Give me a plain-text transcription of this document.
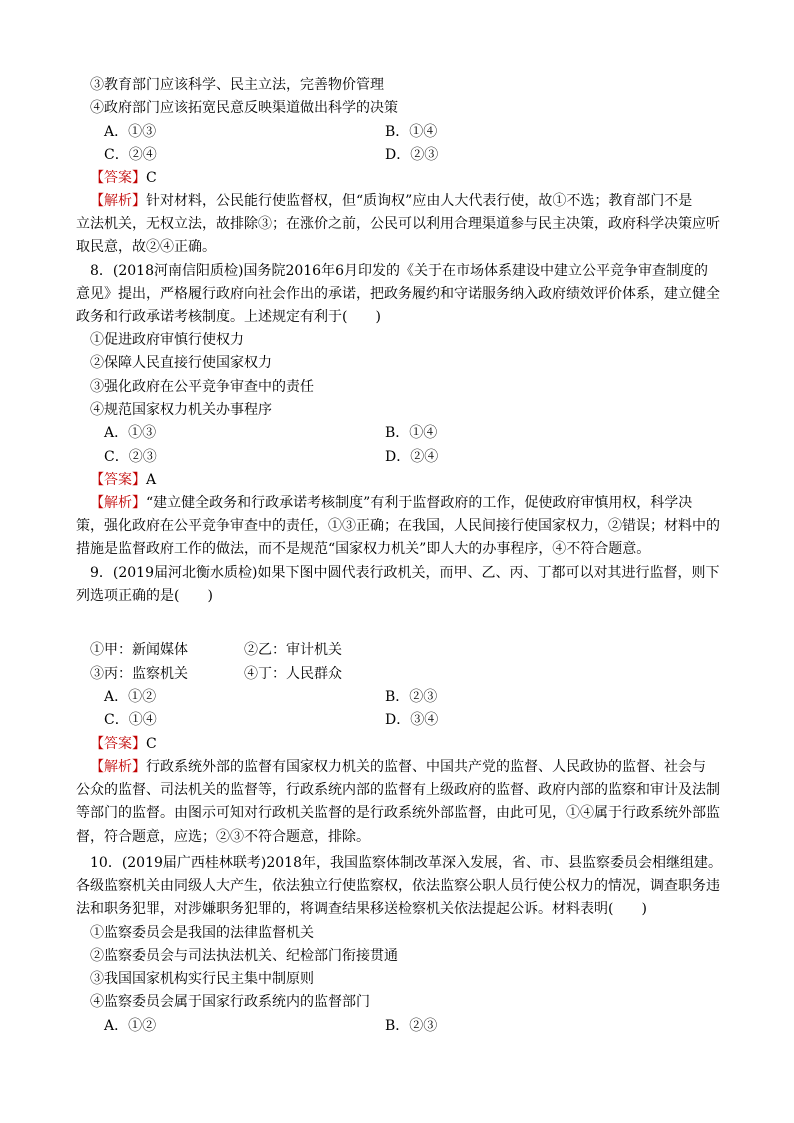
③教育部门应该科学、民主立法，完善物价管理
④政府部门应该拓宽民意反映渠道做出科学的决策
A．①③	B．①④
C．②④	D．②③
【答案】C
【解析】针对材料，公民能行使监督权，但“质询权”应由人大代表行使，故①不选；教育部门不是
立法机关，无权立法，故排除③；在涨价之前，公民可以利用合理渠道参与民主决策，政府科学决策应听
取民意，故②④正确。
8．(2018河南信阳质检)国务院2016年6月印发的《关于在市场体系建设中建立公平竞争审查制度的
意见》提出，严格履行政府向社会作出的承诺，把政务履约和守诺服务纳入政府绩效评价体系，建立健全
政务和行政承诺考核制度。上述规定有利于(　　)
①促进政府审慎行使权力
②保障人民直接行使国家权力
③强化政府在公平竞争审查中的责任
④规范国家权力机关办事程序
A．①③	B．①④
C．②③	D．②④
【答案】A
【解析】“建立健全政务和行政承诺考核制度”有利于监督政府的工作，促使政府审慎用权，科学决
策，强化政府在公平竞争审查中的责任，①③正确；在我国，人民间接行使国家权力，②错误；材料中的
措施是监督政府工作的做法，而不是规范“国家权力机关”即人大的办事程序，④不符合题意。
9．(2019届河北衡水质检)如果下图中圆代表行政机关，而甲、乙、丙、丁都可以对其进行监督，则下
列选项正确的是(　　)
①甲：新闻媒体	②乙：审计机关
③丙：监察机关	④丁：人民群众
A．①②	B．②③
C．①④	D．③④
【答案】C
【解析】行政系统外部的监督有国家权力机关的监督、中国共产党的监督、人民政协的监督、社会与
公众的监督、司法机关的监督等，行政系统内部的监督有上级政府的监督、政府内部的监察和审计及法制
等部门的监督。由图示可知对行政机关监督的是行政系统外部监督，由此可见，①④属于行政系统外部监
督，符合题意，应选；②③不符合题意，排除。
10．(2019届广西桂林联考)2018年，我国监察体制改革深入发展，省、市、县监察委员会相继组建。
各级监察机关由同级人大产生，依法独立行使监察权，依法监察公职人员行使公权力的情况，调查职务违
法和职务犯罪，对涉嫌职务犯罪的，将调查结果移送检察机关依法提起公诉。材料表明(　　)
①监察委员会是我国的法律监督机关
②监察委员会与司法执法机关、纪检部门衔接贯通
③我国国家机构实行民主集中制原则
④监察委员会属于国家行政系统内的监督部门
A．①②	B．②③
